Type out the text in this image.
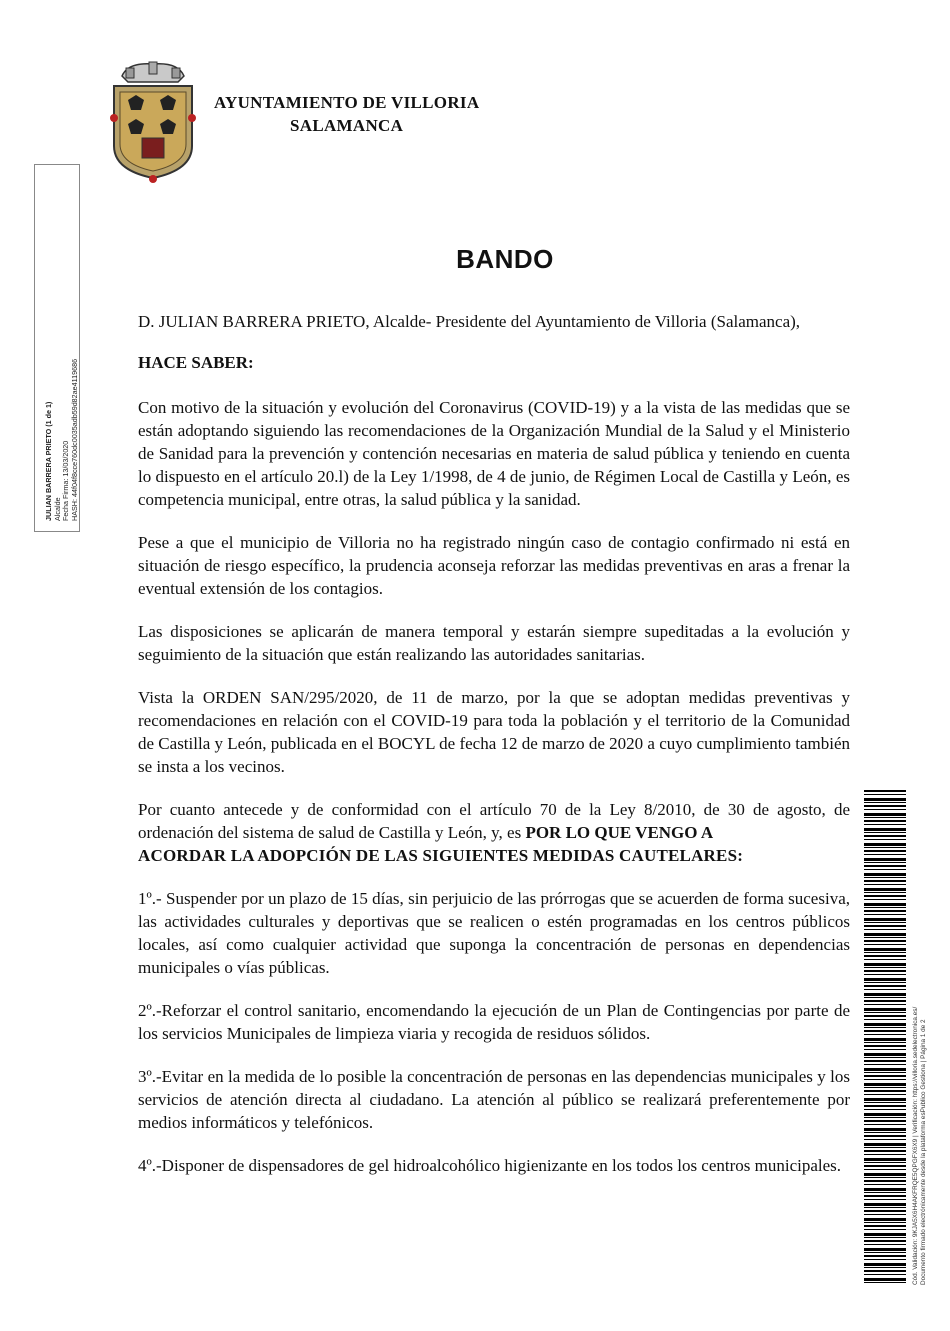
AYUNTAMIENTO DE VILLORIA
SALAMANCA
JULIAN BARRERA PRIETO (1 de 1) Alcalde Fecha Firma: 13/03/2020 HASH: 44f04f8cce760dc0035adb59d82ae4119686
BANDO

D. JULIAN BARRERA PRIETO, Alcalde- Presidente del Ayuntamiento de Villoria (Salamanca),

HACE SABER:

Con motivo de la situación y evolución del Coronavirus (COVID-19) y a la vista de las medidas que se están adoptando siguiendo las recomendaciones de la Organización Mundial de la Salud y el Ministerio de Sanidad para la prevención y contención necesarias en materia de salud pública y teniendo en cuenta lo dispuesto en el artículo 20.l) de la Ley 1/1998, de 4 de junio, de Régimen Local de Castilla y León, es competencia municipal, entre otras, la salud pública y la sanidad.

Pese a que el municipio de Villoria no ha registrado ningún caso de contagio confirmado ni está en situación de riesgo específico, la prudencia aconseja reforzar las medidas preventivas en aras a frenar la eventual extensión de los contagios.

Las disposiciones se aplicarán de manera temporal y estarán siempre supeditadas a la evolución y seguimiento de la situación que están realizando las autoridades sanitarias.

Vista la ORDEN SAN/295/2020, de 11 de marzo, por la que se adoptan medidas preventivas y recomendaciones en relación con el COVID-19 para toda la población y el territorio de la Comunidad de Castilla y León, publicada en el BOCYL de fecha 12 de marzo de 2020 a cuyo cumplimiento también se insta a los vecinos.

Por cuanto antecede y de conformidad con el artículo 70 de la Ley 8/2010, de 30 de agosto, de ordenación del sistema de salud de Castilla y León, y, es POR LO QUE VENGO A

ACORDAR LA ADOPCIÓN DE LAS SIGUIENTES MEDIDAS CAUTELARES:

1º.- Suspender por un plazo de 15 días, sin perjuicio de las prórrogas que se acuerden de forma sucesiva, las actividades culturales y deportivas que se realicen o estén programadas en los centros públicos locales, así como cualquier actividad que suponga la concentración de personas en dependencias municipales o vías públicas.

2º.-Reforzar el control sanitario, encomendando la ejecución de un Plan de Contingencias por parte de los servicios Municipales de limpieza viaria y recogida de residuos sólidos.

3º.-Evitar en la medida de lo posible la concentración de personas en las dependencias municipales y los servicios de atención directa al ciudadano. La atención al público se realizará preferentemente por medios informáticos y telefónicos.

4º.-Disponer de dispensadores de gel hidroalcohólico higienizante en los todos los centros municipales.	Cód. Validación: 9KJA5X6H4AKFRQE5QPGFX6X9 | Verificación: https://villoria.sedelectronica.es/ Documento firmado electrónicamente desde la plataforma esPublico Gestiona | Página 1 de 2
